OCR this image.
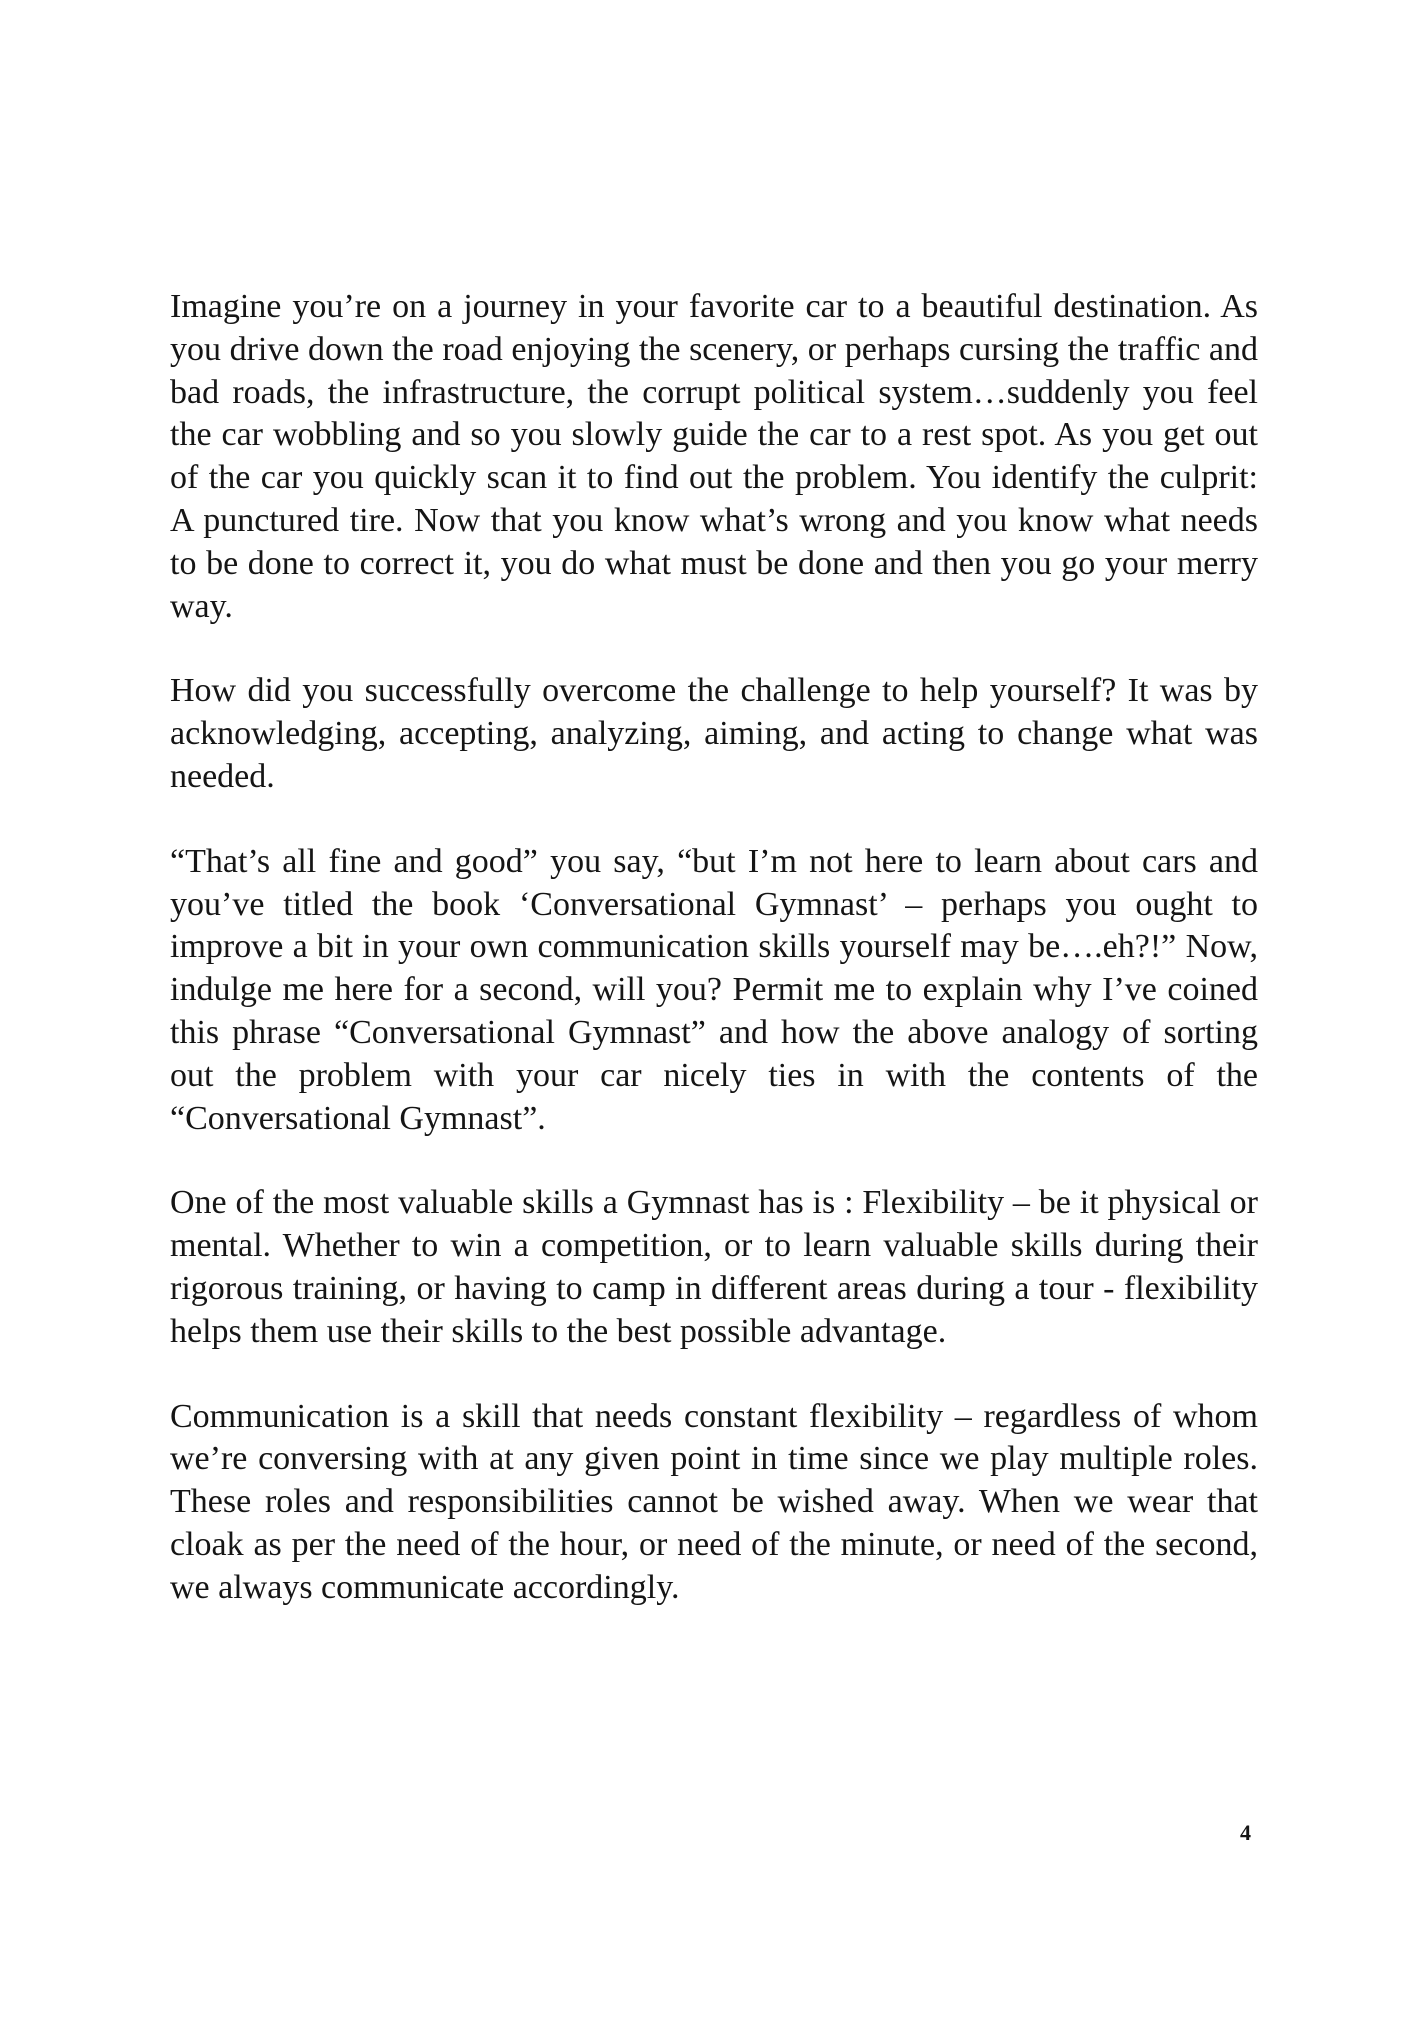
Imagine you’re on a journey in your favorite car to a beautiful destination. As you drive down the road enjoying the scenery, or perhaps cursing the traffic and bad roads, the infrastructure, the corrupt political system…suddenly you feel the car wobbling and so you slowly guide the car to a rest spot. As you get out of the car you quickly scan it to find out the problem. You identify the culprit: A punctured tire. Now that you know what’s wrong and you know what needs to be done to correct it, you do what must be done and then you go your merry way.

How did you successfully overcome the challenge to help yourself? It was by acknowledging, accepting, analyzing, aiming, and acting to change what was needed.

“That’s all fine and good” you say, “but I’m not here to learn about cars and you’ve titled the book ‘Conversational Gymnast’ – perhaps you ought to improve a bit in your own communication skills yourself may be….eh?!” Now, indulge me here for a second, will you? Permit me to explain why I’ve coined this phrase “Conversational Gymnast” and how the above analogy of sorting out the problem with your car nicely ties in with the contents of the “Conversational Gymnast”.

One of the most valuable skills a Gymnast has is : Flexibility – be it physical or mental. Whether to win a competition, or to learn valuable skills during their rigorous training, or having to camp in different areas during a tour - flexibility helps them use their skills to the best possible advantage.

Communication is a skill that needs constant flexibility – regardless of whom we’re conversing with at any given point in time since we play multiple roles. These roles and responsibilities cannot be wished away. When we wear that cloak as per the need of the hour, or need of the minute, or need of the second, we always communicate accordingly.

4
